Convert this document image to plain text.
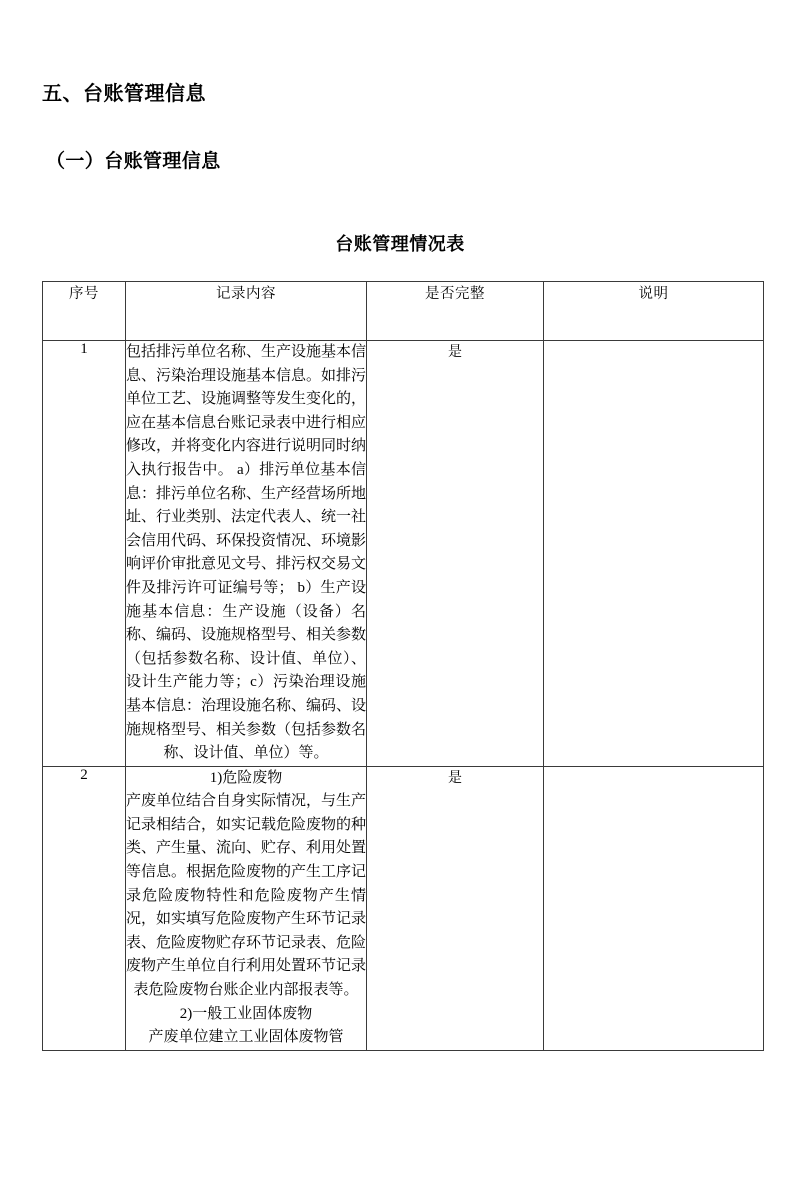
五、台账管理信息
（一）台账管理信息
台账管理情况表
序号	记录内容	是否完整	说明
1	包括排污单位名称、生产设施基本信息、污染治理设施基本信息。如排污单位工艺、设施调整等发生变化的，应在基本信息台账记录表中进行相应修改，并将变化内容进行说明同时纳入执行报告中。 a）排污单位基本信息：排污单位名称、生产经营场所地址、行业类别、法定代表人、统一社会信用代码、环保投资情况、环境影响评价审批意见文号、排污权交易文件及排污许可证编号等； b）生产设施基本信息：生产设施（设备）名称、编码、设施规格型号、相关参数（包括参数名称、设计值、单位）、设计生产能力等；c）污染治理设施基本信息：治理设施名称、编码、设施规格型号、相关参数（包括参数名称、设计值、单位）等。	是	
2	1)危险废物

产废单位结合自身实际情况，与生产记录相结合，如实记载危险废物的种类、产生量、流向、贮存、利用处置等信息。根据危险废物的产生工序记录危险废物特性和危险废物产生情况，如实填写危险废物产生环节记录表、危险废物贮存环节记录表、危险废物产生单位自行利用处置环节记录表危险废物台账企业内部报表等。

2)一般工业固体废物

产废单位建立工业固体废物管	是	
